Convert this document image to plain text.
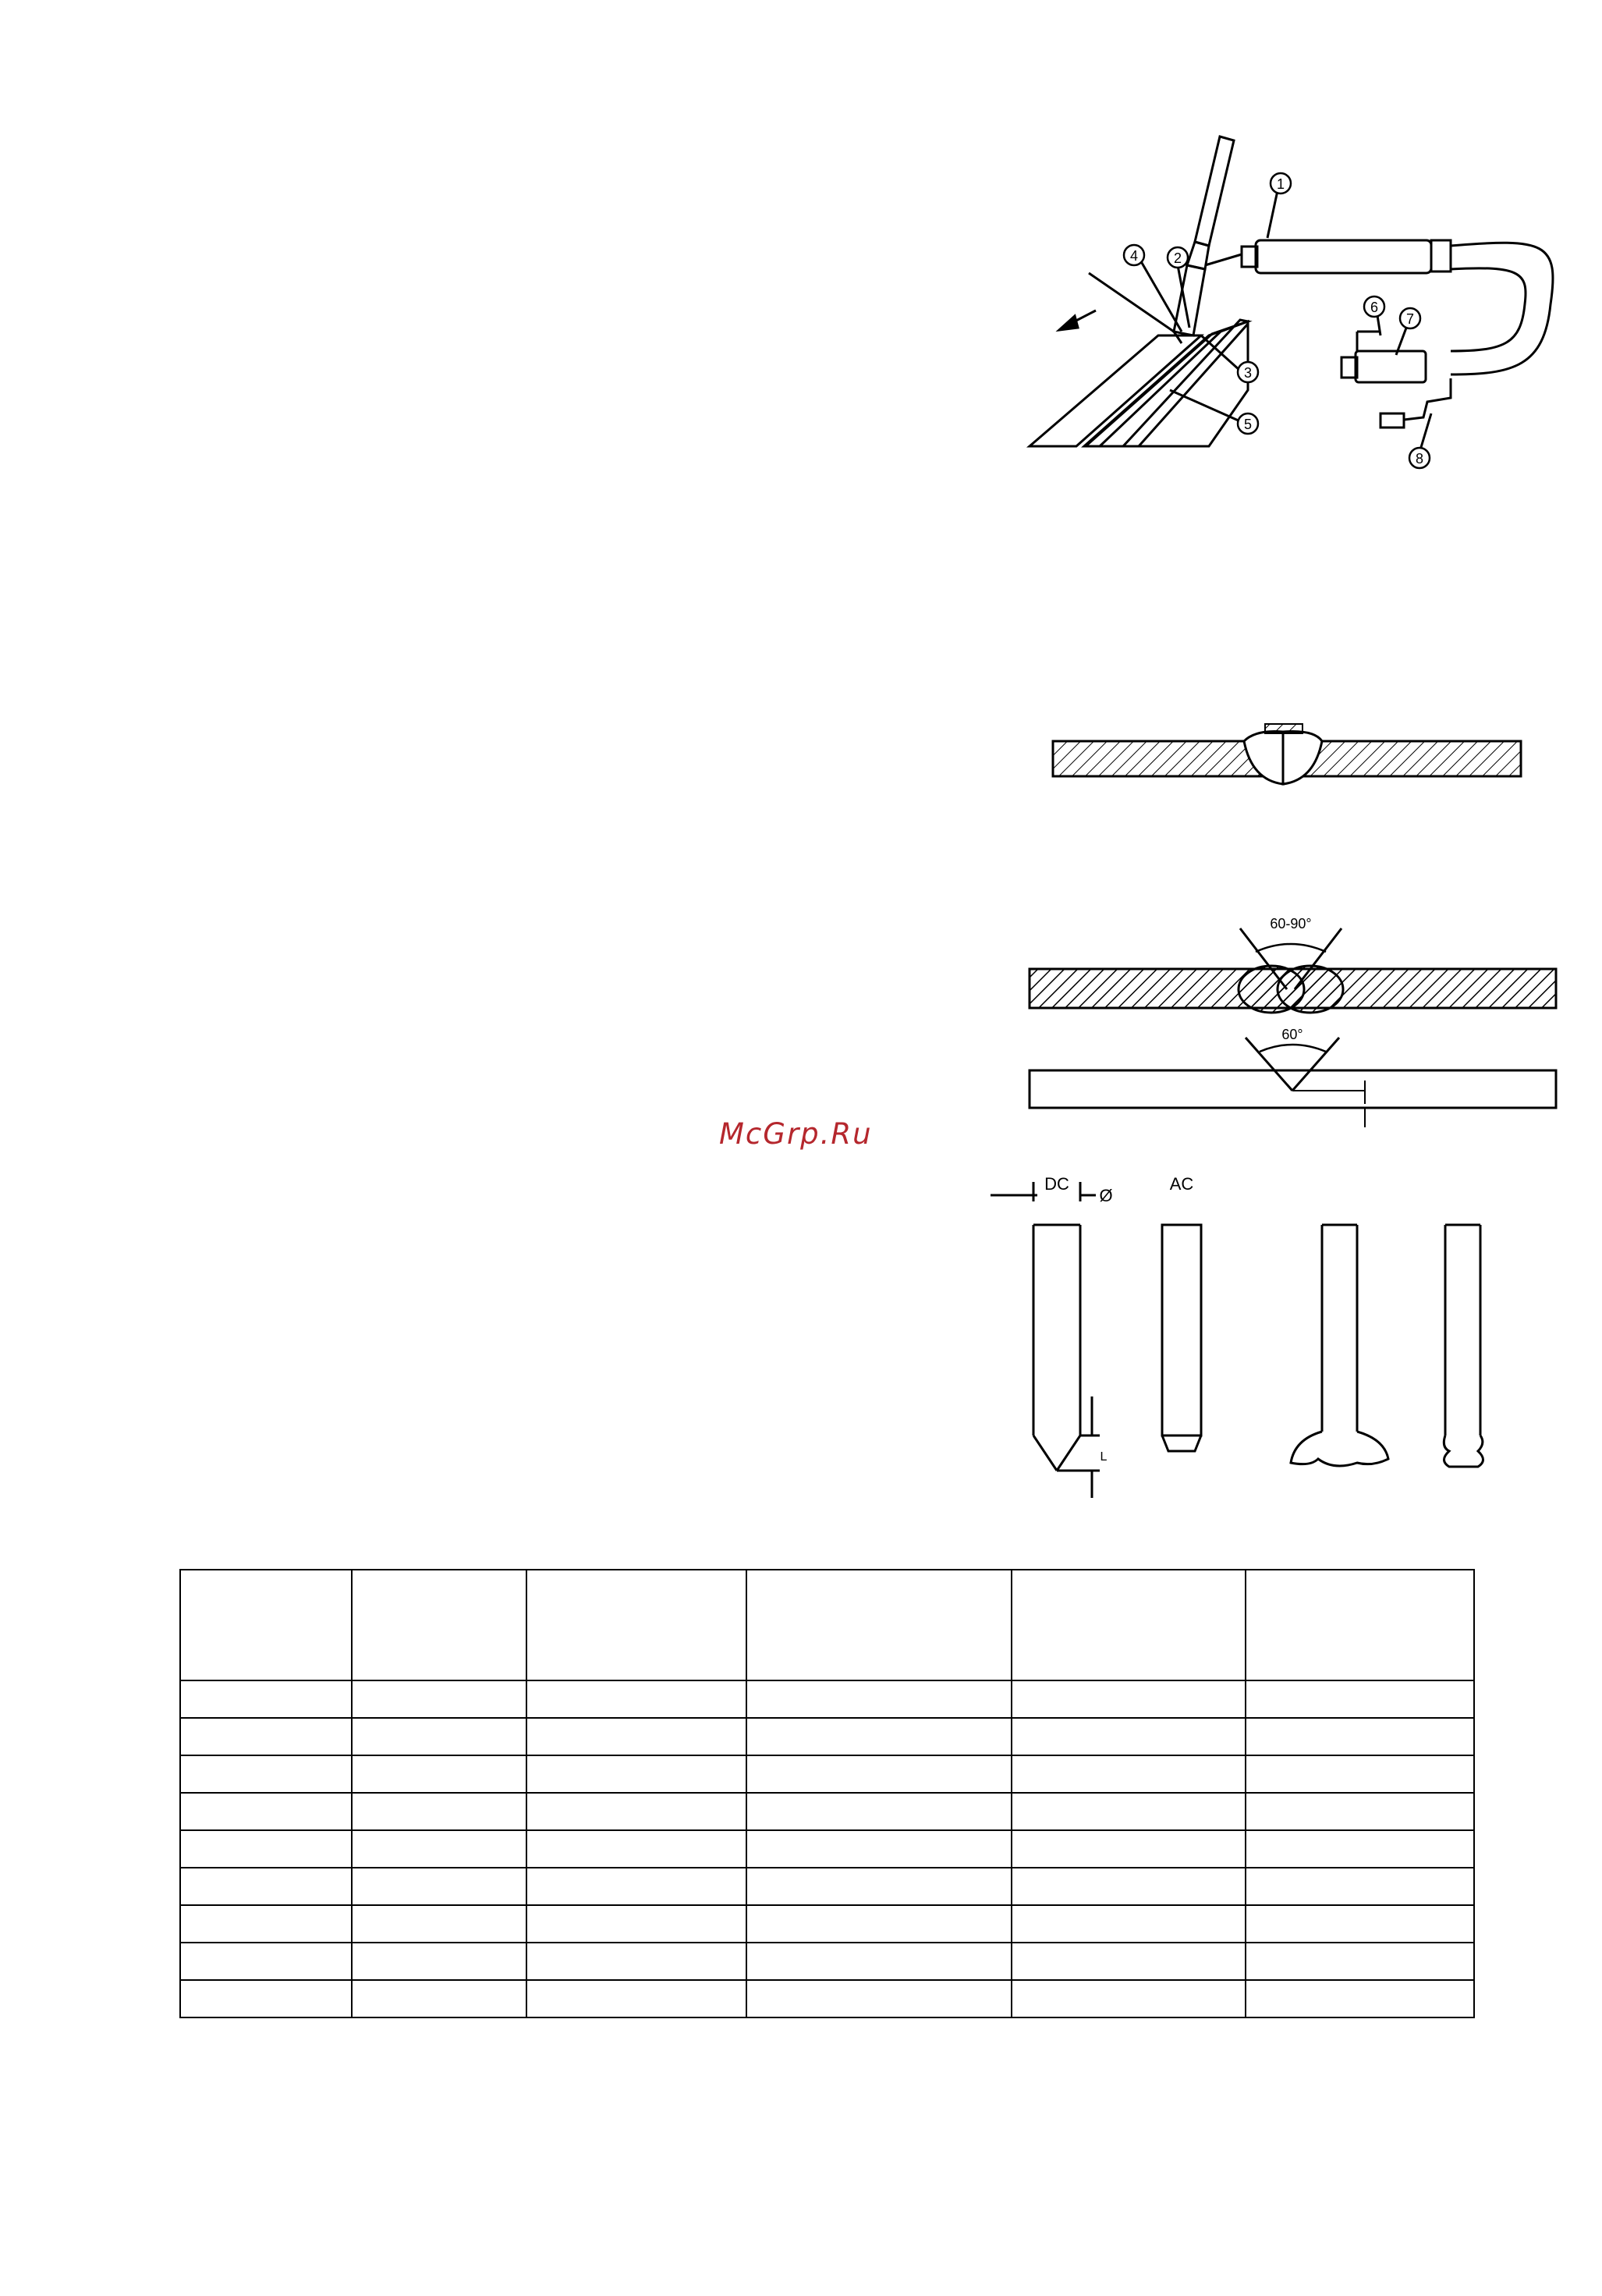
1
4	2
3
5
6
7
8
60-90°
60°
McGrp.Ru
DC
Ø
AC
L
